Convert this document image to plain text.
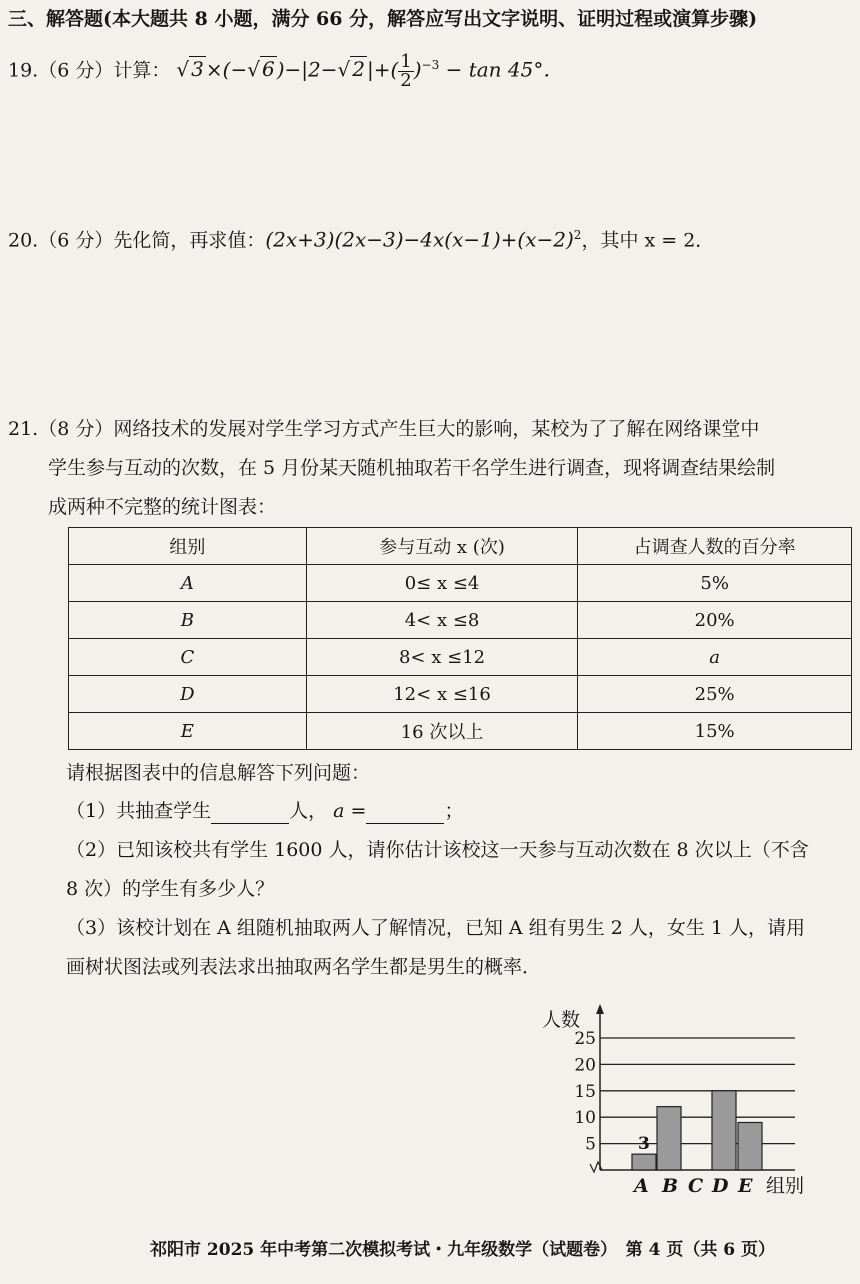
三、解答题(本大题共 8 小题，满分 66 分，解答应写出文字说明、证明过程或演算步骤)
19.（6 分）计算： √ 3 ×(−√ 6 )−|2−√ 2 |+( $\frac{1}{2} )^{-3} - \tan 45^\circ$．
20.（6 分）先化简，再求值：$(2x+3)(2x-3)-4x(x-1)+(x-2)^2$，其中 x = 2．
21.（8 分）网络技术的发展对学生学习方式产生巨大的影响，某校为了了解在网络课堂中
学生参与互动的次数，在 5 月份某天随机抽取若干名学生进行调查，现将调查结果绘制
成两种不完整的统计图表：
组别	参与互动 x (次)	占调查人数的百分率
A	0≤ x ≤4	5%
B	4< x ≤8	20%
C	8< x ≤12	a
D	12< x ≤16	25%
E	16 次以上	15%
请根据图表中的信息解答下列问题：
（1）共抽查学生	人， a =	；
（2）已知该校共有学生 1600 人，请你估计该校这一天参与互动次数在 8 次以上（不含
8 次）的学生有多少人？
（3）该校计划在 A 组随机抽取两人了解情况，已知 A 组有男生 2 人，女生 1 人，请用
画树状图法或列表法求出抽取两名学生都是男生的概率．
5
10
15
20
25
人数
A
3
B C D E 组别
祁阳市 2025 年中考第二次模拟考试・九年级数学（试题卷）　第 4 页（共 6 页）
